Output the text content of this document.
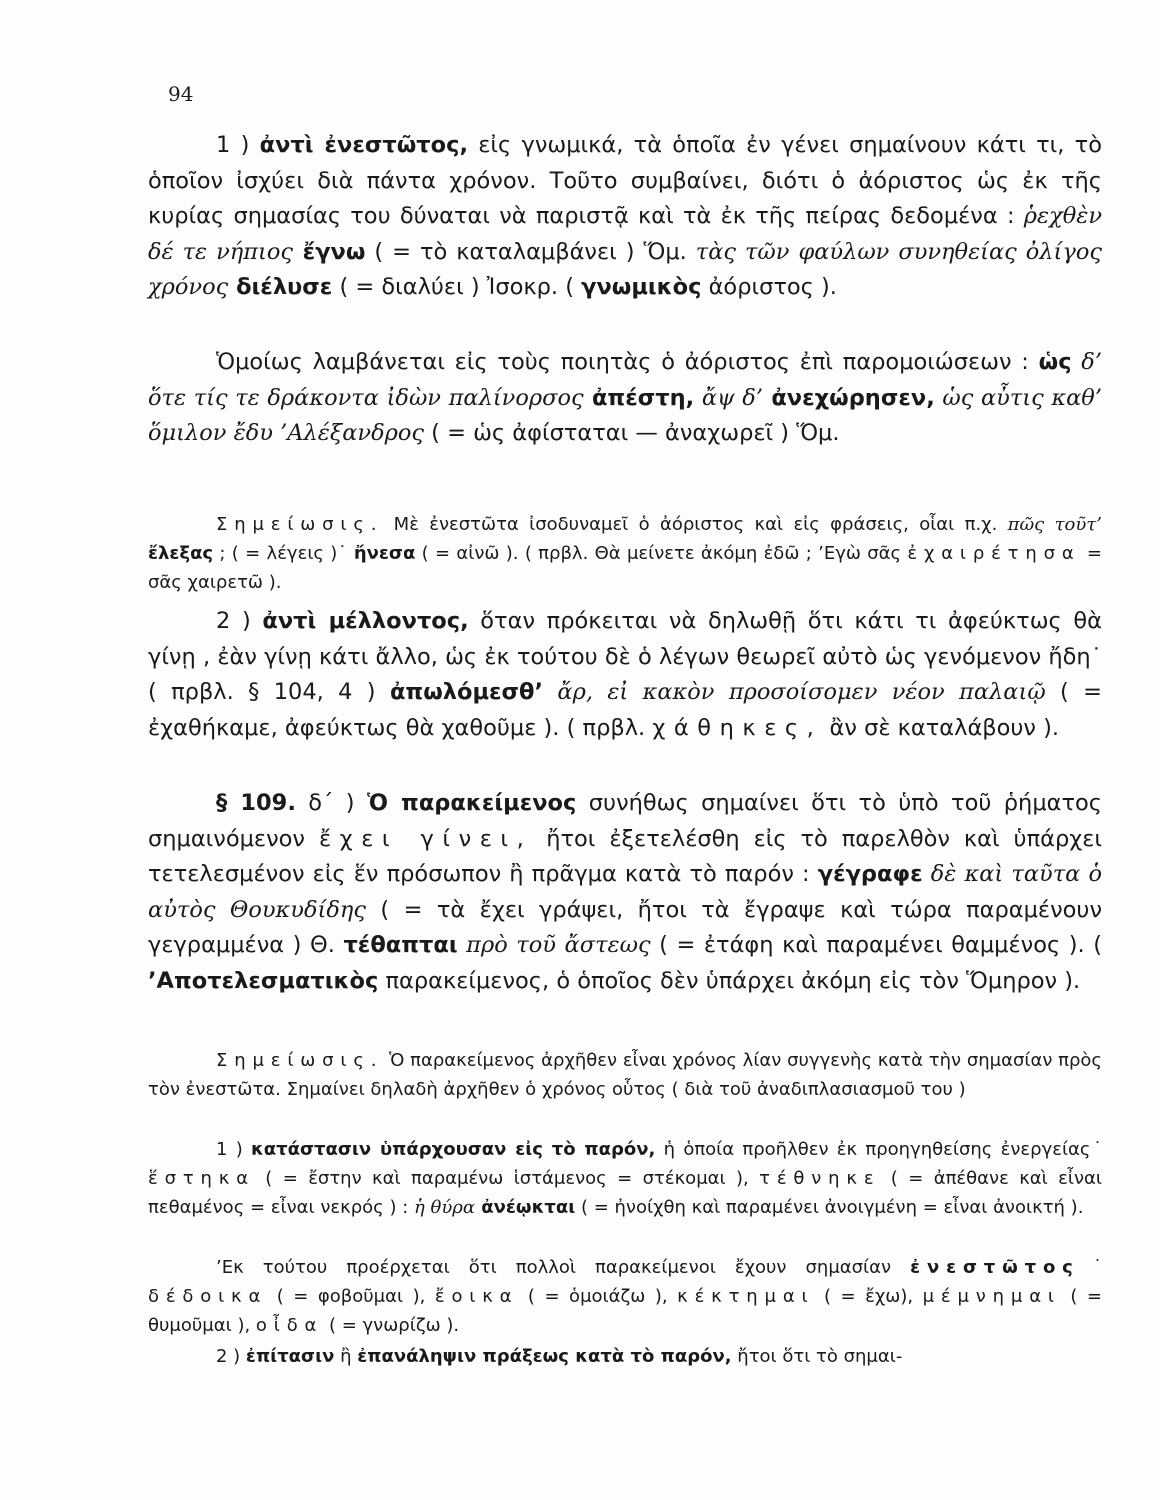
94

1 ) ἀντὶ ἐνεστῶτος, εἰς γνωμικά, τὰ ὁποῖα ἐν γένει σημαίνουν κάτι τι, τὸ ὁποῖον ἰσχύει διὰ πάντα χρόνον. Τοῦτο συμβαίνει, διότι ὁ ἀόριστος ὡς ἐκ τῆς κυρίας σημασίας του δύναται νὰ παριστᾷ καὶ τὰ ἐκ τῆς πείρας δεδομένα : ῥεχθὲν δέ τε νήπιος ἔγνω ( = τὸ καταλαμβάνει ) Ὅμ. τὰς τῶν φαύλων συνηθείας ὀλίγος χρόνος διέλυσε ( = διαλύει ) Ἰσοκρ. ( γνωμικὸς ἀόριστος ).

Ὁμοίως λαμβάνεται εἰς τοὺς ποιητὰς ὁ ἀόριστος ἐπὶ παρομοιώσεων : ὡς δ’ ὅτε τίς τε δράκοντα ἰδὼν παλίνορσος ἀπέστη, ἄψ δ’ ἀνεχώρησεν, ὡς αὖτις καθ’ ὅμιλον ἔδυ ’Αλέξανδρος ( = ὡς ἀφίσταται — ἀναχωρεῖ ) Ὅμ.

Σημείωσις. Μὲ ἐνεστῶτα ἰσοδυναμεῖ ὁ ἀόριστος καὶ εἰς φράσεις, οἷαι π.χ. πῶς τοῦτ’ ἔλεξας ; ( = λέγεις )˙ ἤνεσα ( = αἰνῶ ). ( πρβλ. Θὰ μείνετε ἀκόμη ἐδῶ ; ’Εγὼ σᾶς ἐχαιρέτησα = σᾶς χαιρετῶ ).

2 ) ἀντὶ μέλλοντος, ὅταν πρόκειται νὰ δηλωθῇ ὅτι κάτι τι ἀφεύκτως θὰ γίνῃ , ἐὰν γίνῃ κάτι ἄλλο, ὡς ἐκ τούτου δὲ ὁ λέγων θεωρεῖ αὐτὸ ὡς γενόμενον ἤδη˙ ( πρβλ. § 104, 4 ) ἀπωλόμεσθ’ ἄρ, εἰ κακὸν προσοίσομεν νέον παλαιῷ ( = ἐχαθήκαμε, ἀφεύκτως θὰ χαθοῦμε ). ( πρβλ. χάθηκες, ἂν σὲ καταλάβουν ).

§ 109. δ΄ ) Ὁ παρακείμενος συνήθως σημαίνει ὅτι τὸ ὑπὸ τοῦ ῥήματος σημαινόμενον ἔχει γίνει, ἤτοι ἐξετελέσθη εἰς τὸ παρελθὸν καὶ ὑπάρχει τετελεσμένον εἰς ἕν πρόσωπον ἢ πρᾶγμα κατὰ τὸ παρόν : γέγραφε δὲ καὶ ταῦτα ὁ αὐτὸς Θουκυδίδης ( = τὰ ἔχει γράψει, ἤτοι τὰ ἔγραψε καὶ τώρα παραμένουν γεγραμμένα ) Θ. τέθαπται πρὸ τοῦ ἄστεως ( = ἐτάφη καὶ παραμένει θαμμένος ). ( ’Αποτελεσματικὸς παρακείμενος, ὁ ὁποῖος δὲν ὑπάρχει ἀκόμη εἰς τὸν Ὅμηρον ).

Σημείωσις. Ὁ παρακείμενος ἀρχῆθεν εἶναι χρόνος λίαν συγγενὴς κατὰ τὴν σημασίαν πρὸς τὸν ἐνεστῶτα. Σημαίνει δηλαδὴ ἀρχῆθεν ὁ χρόνος οὗτος ( διὰ τοῦ ἀναδιπλασιασμοῦ του )

1 ) κατάστασιν ὑπάρχουσαν εἰς τὸ παρόν, ἡ ὁποία προῆλθεν ἐκ προηγηθείσης ἐνεργείας˙ ἕστηκα ( = ἔστην καὶ παραμένω ἱστάμενος = στέκομαι ), τέθνηκε ( = ἀπέθανε καὶ εἶναι πεθαμένος = εἶναι νεκρός ) : ἡ θύρα ἀνέῳκται ( = ἠνοίχθη καὶ παραμένει ἀνοιγμένη = εἶναι ἀνοικτή ).

’Εκ τούτου προέρχεται ὅτι πολλοὶ παρακείμενοι ἔχουν σημασίαν ἐνεστῶτος˙ δέδοικα ( = φοβοῦμαι ), ἔοικα ( = ὁμοιάζω ), κέκτημαι ( = ἔχω), μέμνημαι ( = θυμοῦμαι ), οἶδα ( = γνωρίζω ).

2 ) ἐπίτασιν ἢ ἐπανάληψιν πράξεως κατὰ τὸ παρόν, ἤτοι ὅτι τὸ σημαι-
